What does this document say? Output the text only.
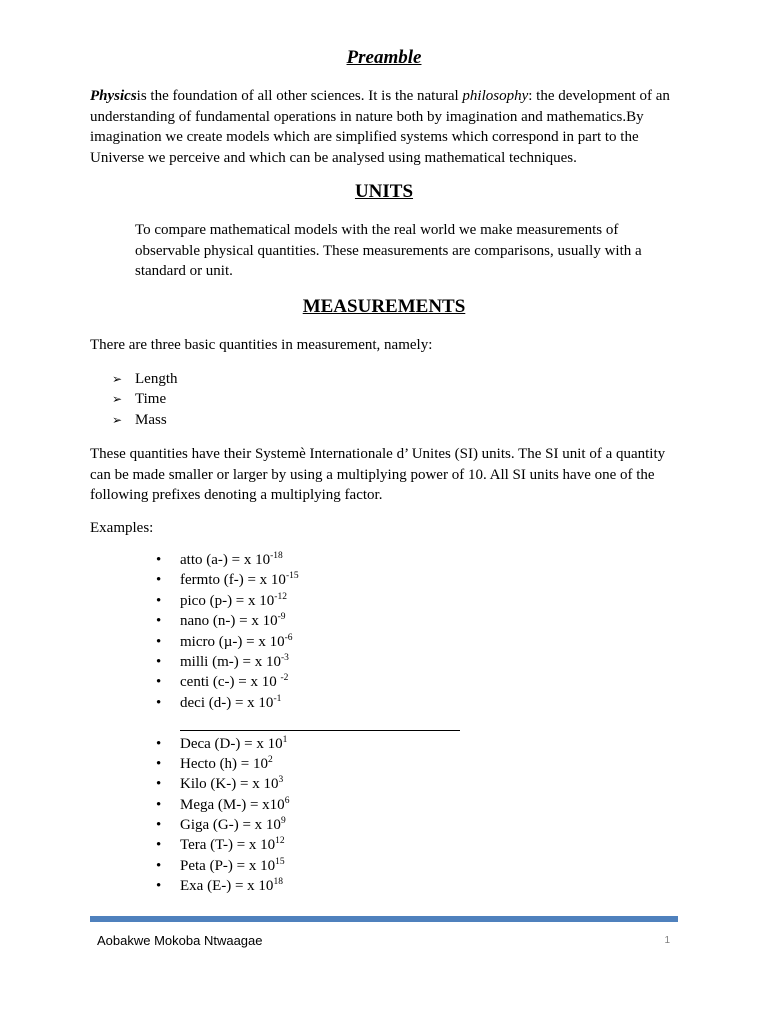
Preamble

Physicsis the foundation of all other sciences. It is the natural philosophy: the development of an understanding of fundamental operations in nature both by imagination and mathematics.By imagination we create models which are simplified systems which correspond in part to the Universe we perceive and which can be analysed using mathematical techniques.

UNITS

To compare mathematical models with the real world we make measurements of observable physical quantities. These measurements are comparisons, usually with a standard or unit.

MEASUREMENTS

There are three basic quantities in measurement, namely:

➢ Length
➢ Time
➢ Mass

These quantities have their Systemè Internationale d’ Unites (SI) units. The SI unit of a quantity can be made smaller or larger by using a multiplying power of 10. All SI units have one of the following prefixes denoting a multiplying factor.

Examples:

• atto (a-) = x $10^{-18}$
• fermto (f-) = x $10^{-15}$
• pico (p-) = x $10^{-12}$
• nano (n-) = x $10^{-9}$
• micro (µ-) = x $10^{-6}$
• milli (m-) = x $10^{-3}$
• centi (c-) = x 10 $^{-2}$
• deci (d-) = x $10^{-1}$
• Deca (D-) = x $10^1$
• Hecto $(h) = 10^2$
• Kilo (K-) = x $10^3$
• Mega $(M-) = x10^6$
• Giga (G-) = x $10^9$
• Tera (T-) = x $10^{12}$
• Peta (P-) = x $10^{15}$
• Exa (E-) = x $10^{18}$
Aobakwe Mokoba Ntwaagae	1
